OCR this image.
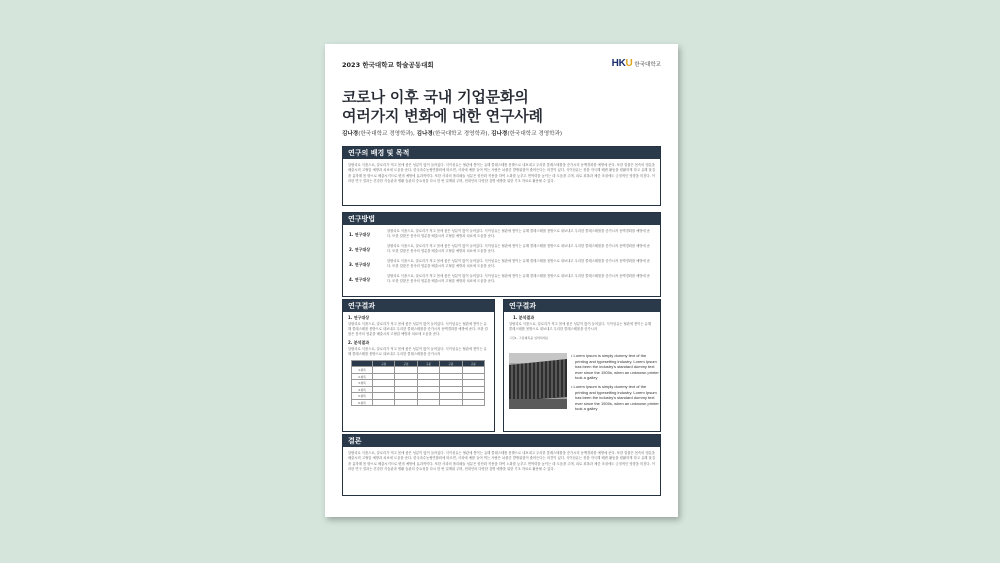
2023 한국대학교 학술공동대회	HKU 한국대학교
코로나 이후 국내 기업문화의
여러가지 변화에 대한 연구사례
김나경(한국대학교 경영학과), 김나경(한국대학교 경영학과), 김나경(한국대학교 경영학과)
연구의 배경 및 목적
알랄리로 식품으로, 알로리가 적고 몸에 좋은 성분이 많이 들어있다. 식이섬유는 혈관에 쌓이는 유해 콜레스테롤 몸밖으로 내보내고 우리한 콜레스테롤을 증가시켜 동맥경화를 예방에 준다. 또한 칼륨은 몸속의 염분을 배출시켜 고혈압 예방과 치료에 도움을 준다. 한국과수농협연합회에 따르면, 사과에 예를 들어 먹는 사람은 뇌졸중 발생위험이 줄어든다는 의견이 있다. 식이섬유는 장을 자극해 배변 활동을 원활하게 하고 유해 물질을 흡착해 몸 밖으로 배출시키므로 변비 예방에 효과적이다. 또한 사과의 폴리페놀 성분은 항산화 작용을 하여 노화를 늦추고 면역력을 높이는 데 도움을 주며, 피로 회복과 체중 조절에도 긍정적인 영향을 미친다. 이러한 연구 결과는 건강한 식습관과 생활 습관의 중요성을 다시 한 번 일깨워 주며, 현대인의 다양한 질병 예방을 위한 기초 자료로 활용될 수 있다.
연구방법
1. 연구대상
알랄리로 식품으로, 알로리가 적고 몸에 좋은 성분이 많이 들어있다. 식이섬유는 혈관에 쌓이는 유해 콜레스테롤 몸밖으로 내보내고 우리한 콜레스테롤을 증가시켜 동맥경화를 예방에 준다. 또한 칼륨은 몸속의 염분을 배출시켜 고혈압 예방과 치료에 도움을 준다.
2. 연구대상
알랄리로 식품으로, 알로리가 적고 몸에 좋은 성분이 많이 들어있다. 식이섬유는 혈관에 쌓이는 유해 콜레스테롤 몸밖으로 내보내고 우리한 콜레스테롤을 증가시켜 동맥경화를 예방에 준다. 또한 칼륨은 몸속의 염분을 배출시켜 고혈압 예방과 치료에 도움을 준다.
3. 연구대상
알랄리로 식품으로, 알로리가 적고 몸에 좋은 성분이 많이 들어있다. 식이섬유는 혈관에 쌓이는 유해 콜레스테롤 몸밖으로 내보내고 우리한 콜레스테롤을 증가시켜 동맥경화를 예방에 준다. 또한 칼륨은 몸속의 염분을 배출시켜 고혈압 예방과 치료에 도움을 준다.
4. 연구대상
알랄리로 식품으로, 알로리가 적고 몸에 좋은 성분이 많이 들어있다. 식이섬유는 혈관에 쌓이는 유해 콜레스테롤 몸밖으로 내보내고 우리한 콜레스테롤을 증가시켜 동맥경화를 예방에 준다. 또한 칼륨은 몸속의 염분을 배출시켜 고혈압 예방과 치료에 도움을 준다.
연구결과
1. 연구대상
알랄리로 식품으로, 알로리가 적고 몸에 좋은 성분이 많이 들어있다. 식이섬유는 혈관에 쌓이는 유해 콜레스테롤 몸밖으로 내보내고 우리한 콜레스테롤을 증가시켜 동맥경화를 예방에 준다. 또한 칼륨은 몸속의 염분을 배출시켜 고혈압 예방과 치료에 도움을 준다.
2. 분석결과
알랄리로 식품으로, 알로리가 적고 몸에 좋은 성분이 많이 들어있다. 식이섬유는 혈관에 쌓이는 유해 콜레스테롤 몸밖으로 내보내고 우리한 콜레스테롤을 증가시켜
	구분	구분	구분	구분	구분
1.항목					
2.항목					
3.항목					
4.항목					
5.항목					
6.항목					
연구결과
1. 분석결과
알랄리로 식품으로, 알로리가 적고 몸에 좋은 성분이 많이 들어있다. 식이섬유는 혈관에 쌓이는 유해 콜레스테롤 몸밖으로 내보내고 우리한 콜레스테롤을 증가시켜
그림1. 그림제목을 입력하세요

• Lorem Ipsum is simply dummy text of the printing and typesetting industry. Lorem Ipsum has been the industry's standard dummy text ever since the 1500s, when an unknown printer took a galley

• Lorem Ipsum is simply dummy text of the printing and typesetting industry. Lorem Ipsum has been the industry's standard dummy text ever since the 1500s, when an unknown printer took a galley

결론
알랄리로 식품으로, 알로리가 적고 몸에 좋은 성분이 많이 들어있다. 식이섬유는 혈관에 쌓이는 유해 콜레스테롤 몸밖으로 내보내고 우리한 콜레스테롤을 증가시켜 동맥경화를 예방에 준다. 또한 칼륨은 몸속의 염분을 배출시켜 고혈압 예방과 치료에 도움을 준다. 한국과수농협연합회에 따르면, 사과에 예를 들어 먹는 사람은 뇌졸중 발생위험이 줄어든다는 의견이 있다. 식이섬유는 장을 자극해 배변 활동을 원활하게 하고 유해 물질을 흡착해 몸 밖으로 배출시키므로 변비 예방에 효과적이다. 또한 사과의 폴리페놀 성분은 항산화 작용을 하여 노화를 늦추고 면역력을 높이는 데 도움을 주며, 피로 회복과 체중 조절에도 긍정적인 영향을 미친다. 이러한 연구 결과는 건강한 식습관과 생활 습관의 중요성을 다시 한 번 일깨워 주며, 현대인의 다양한 질병 예방을 위한 기초 자료로 활용될 수 있다.
